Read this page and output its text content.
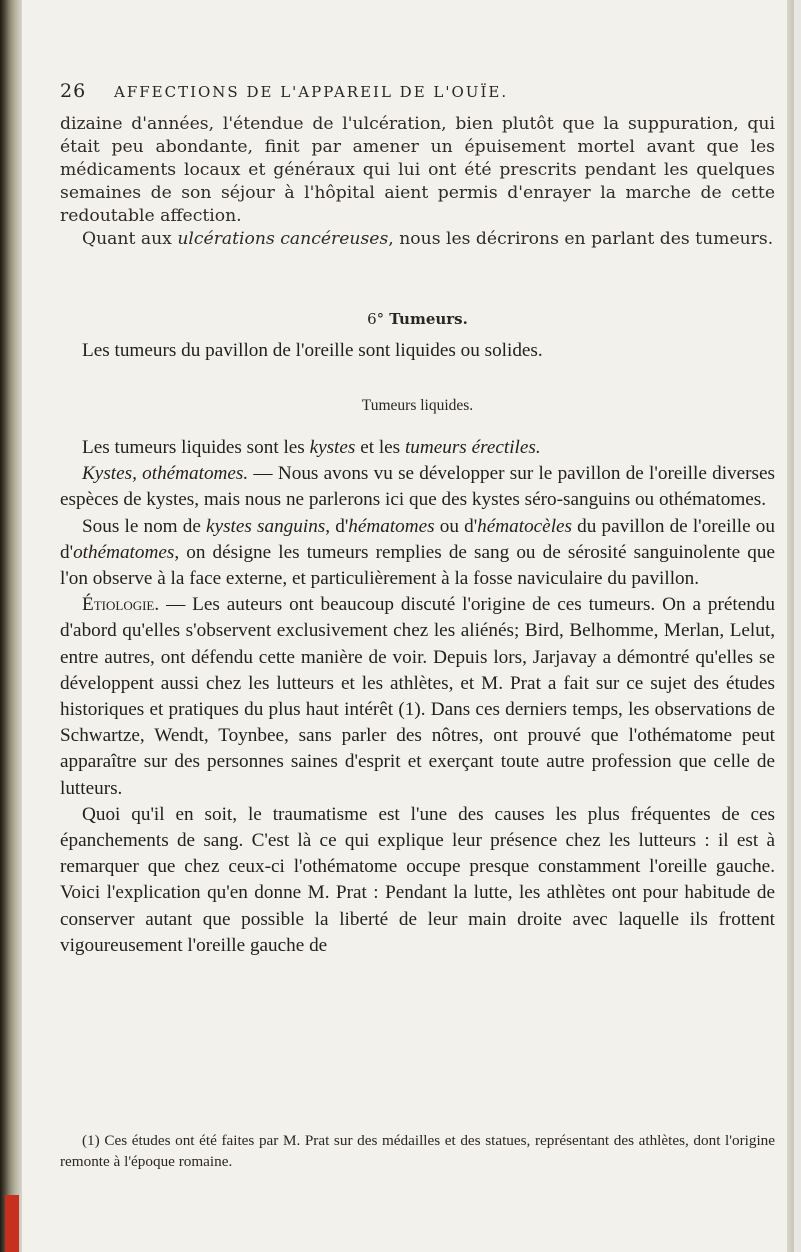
26 AFFECTIONS DE L'APPAREIL DE L'OUÏE.

dizaine d'années, l'étendue de l'ulcération, bien plutôt que la suppuration, qui était peu abondante, finit par amener un épuisement mortel avant que les médicaments locaux et généraux qui lui ont été prescrits pendant les quelques semaines de son séjour à l'hôpital aient permis d'enrayer la marche de cette redoutable affection.

Quant aux ulcérations cancéreuses, nous les décrirons en parlant des tumeurs.

6° Tumeurs.

Les tumeurs du pavillon de l'oreille sont liquides ou solides.

Tumeurs liquides.

Les tumeurs liquides sont les kystes et les tumeurs érectiles.

Kystes, othématomes. — Nous avons vu se développer sur le pavillon de l'oreille diverses espèces de kystes, mais nous ne parlerons ici que des kystes séro-sanguins ou othématomes.

Sous le nom de kystes sanguins, d'hématomes ou d'hématocèles du pavillon de l'oreille ou d'othématomes, on désigne les tumeurs remplies de sang ou de sérosité sanguinolente que l'on observe à la face externe, et particulièrement à la fosse naviculaire du pavillon.

Étiologie. — Les auteurs ont beaucoup discuté l'origine de ces tumeurs. On a prétendu d'abord qu'elles s'observent exclusivement chez les aliénés; Bird, Belhomme, Merlan, Lelut, entre autres, ont défendu cette manière de voir. Depuis lors, Jarjavay a démontré qu'elles se développent aussi chez les lutteurs et les athlètes, et M. Prat a fait sur ce sujet des études historiques et pratiques du plus haut intérêt (1). Dans ces derniers temps, les observations de Schwartze, Wendt, Toynbee, sans parler des nôtres, ont prouvé que l'othématome peut apparaître sur des personnes saines d'esprit et exerçant toute autre profession que celle de lutteurs.

Quoi qu'il en soit, le traumatisme est l'une des causes les plus fréquentes de ces épanchements de sang. C'est là ce qui explique leur présence chez les lutteurs : il est à remarquer que chez ceux-ci l'othématome occupe presque constamment l'oreille gauche. Voici l'explication qu'en donne M. Prat : Pendant la lutte, les athlètes ont pour habitude de conserver autant que possible la liberté de leur main droite avec laquelle ils frottent vigoureusement l'oreille gauche de

(1) Ces études ont été faites par M. Prat sur des médailles et des statues, représentant des athlètes, dont l'origine remonte à l'époque romaine.
